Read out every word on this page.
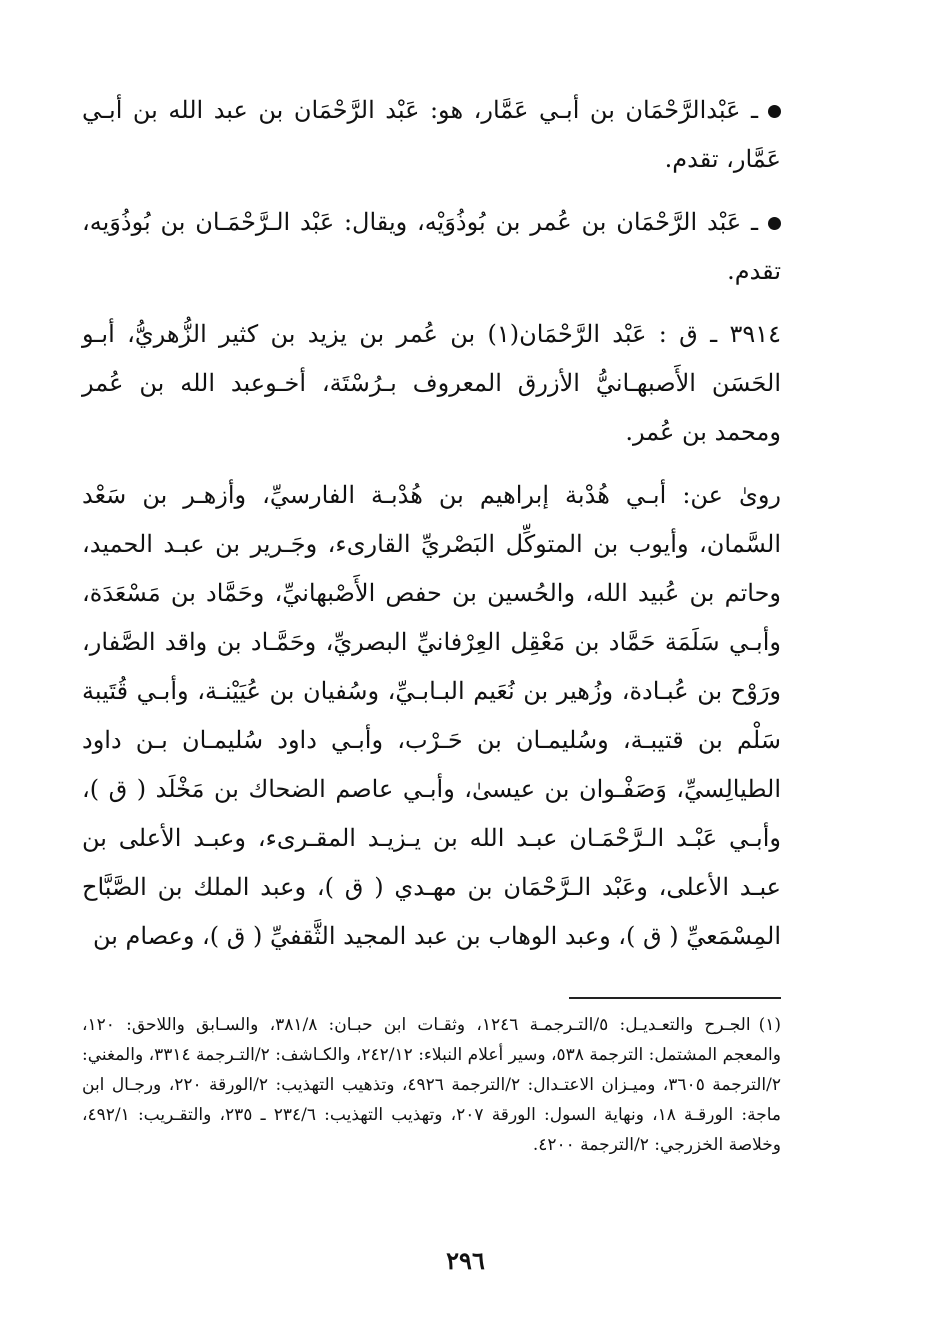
ـ عَبْدالرَّحْمَان بن أبـي عَمَّار، هو: عَبْد الرَّحْمَان بن عبد الله بن أبـي عَمَّار، تقدم.

ـ عَبْد الرَّحْمَان بن عُمر بن بُوذُوَيْه، ويقال: عَبْد الـرَّحْمَـان بن بُوذُوَيه، تقدم.

٣٩١٤ ـ ق : عَبْد الرَّحْمَان(١) بن عُمر بن يزيد بن كثير الزُّهريُّ، أبـو الحَسَن الأَصبهـانيُّ الأزرق المعروف بـرُسْتَة، أخـوعبد الله بن عُمر ومحمد بن عُمر.

روىٰ عن: أبـي هُدْبة إبراهيم بن هُدْبـة الفارسيِّ، وأزهـر بن سَعْد السَّمان، وأيوب بن المتوكِّل البَصْريِّ القارىء، وجَـرير بن عبـد الحميد، وحاتم بن عُبيد الله، والحُسين بن حفص الأَصْبهانيِّ، وحَمَّاد بن مَسْعَدَة، وأبـي سَلَمَة حَمَّاد بن مَعْقِل العِرْفانيِّ البصريِّ، وحَمَّـاد بن واقد الصَّفار، ورَوْح بن عُبـادة، وزُهير بن نُعَيم البـابـيِّ، وسُفيان بن عُيَيْنـة، وأبـي قُتَيبة سَلْم بن قتيبـة، وسُليمـان بن حَـرْب، وأبـي داود سُليمـان بـن داود الطيالِسيِّ، وَصَفْـوان بن عيسىٰ، وأبـي عاصم الضحاك بن مَخْلَد ( ق )، وأبـي عَبْـد الـرَّحْمَـان عبـد الله بن يـزيـد المقـرىء، وعبـد الأعلى بن عبـد الأعلى، وعَبْد الـرَّحْمَان بن مهـدي ( ق )، وعبد الملك بن الصَّبَّاح المِسْمَعيِّ ( ق )، وعبد الوهاب بن عبد المجيد الثَّقفيِّ ( ق )، وعصام بن

(١)الجـرح والتعـديـل: ٥/التـرجمـة ١٢٤٦، وثقـات ابن حبـان: ٣٨١/٨، والسـابق واللاحق: ١٢٠، والمعجم المشتمل: الترجمة ٥٣٨، وسير أعلام النبلاء: ٢٤٢/١٢، والكـاشف: ٢/التـرجمة ٣٣١٤، والمغني: ٢/الترجمة ٣٦٠٥، وميـزان الاعتـدال: ٢/الترجمة ٤٩٢٦، وتذهيب التهذيب: ٢/الورقة ٢٢٠، ورجـال ابن ماجة: الورقـة ١٨، ونهاية السول: الورقة ٢٠٧، وتهذيب التهذيب: ٢٣٤/٦ ـ ٢٣٥، والتقـريب: ٤٩٢/١، وخلاصة الخزرجي: ٢/الترجمة ٤٢٠٠.
٢٩٦
